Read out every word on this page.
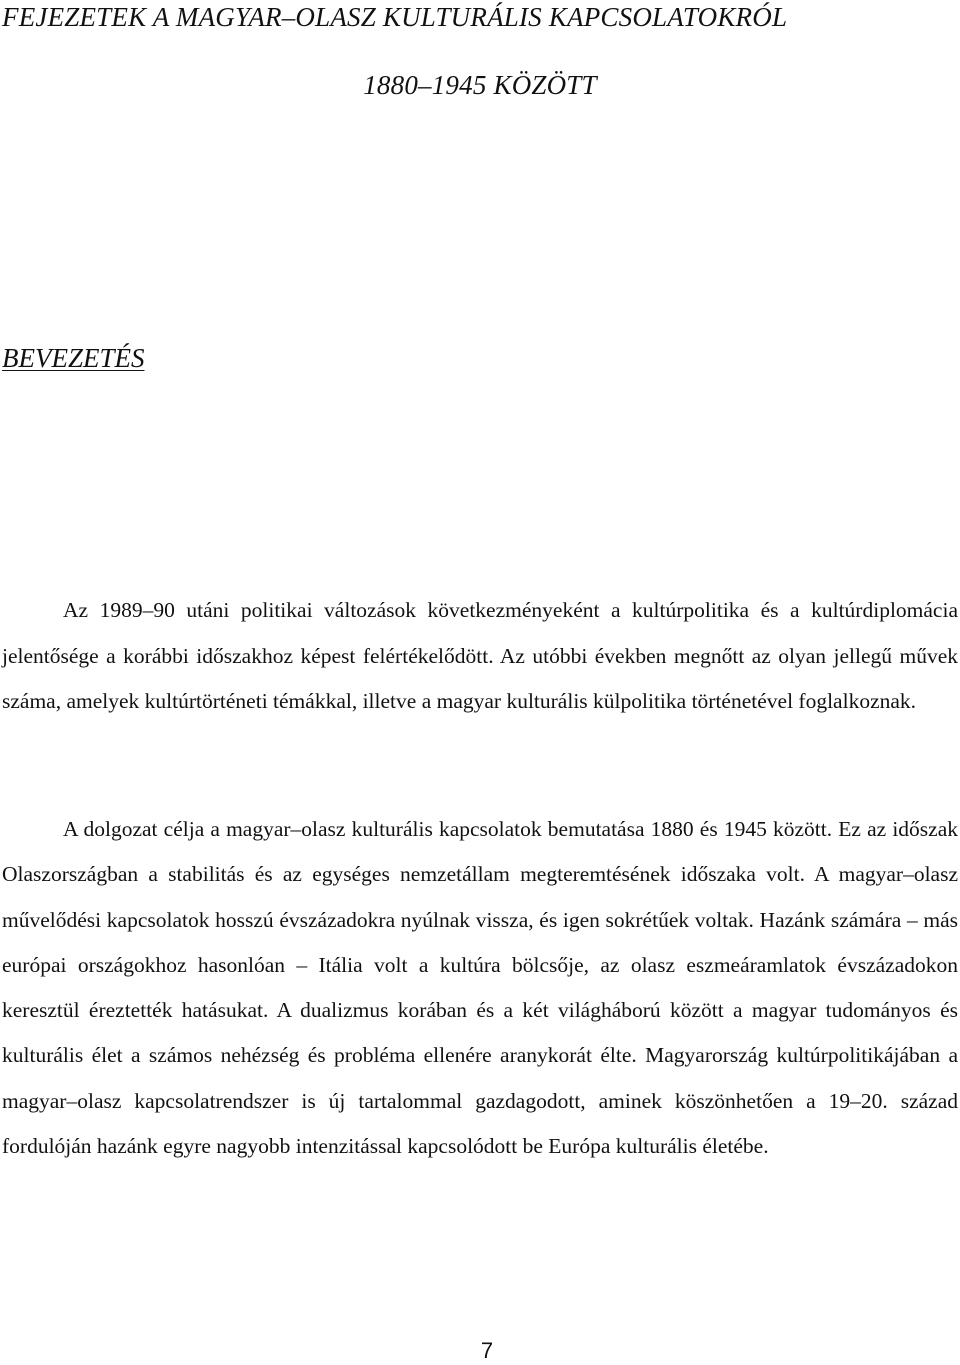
FEJEZETEK A MAGYAR–OLASZ KULTURÁLIS KAPCSOLATOKRÓL
1880–1945 KÖZÖTT
BEVEZETÉS

Az 1989–90 utáni politikai változások következményeként a kultúrpolitika és a kultúrdiplomácia jelentősége a korábbi időszakhoz képest felértékelődött. Az utóbbi években megnőtt az olyan jellegű művek száma, amelyek kultúrtörténeti témákkal, illetve a magyar kulturális külpolitika történetével foglalkoznak.

A dolgozat célja a magyar–olasz kulturális kapcsolatok bemutatása 1880 és 1945 között. Ez az időszak Olaszországban a stabilitás és az egységes nemzetállam megteremtésének időszaka volt. A magyar–olasz művelődési kapcsolatok hosszú évszázadokra nyúlnak vissza, és igen sokrétűek voltak. Hazánk számára – más európai országokhoz hasonlóan – Itália volt a kultúra bölcsője, az olasz eszmeáramlatok évszázadokon keresztül éreztették hatásukat. A dualizmus korában és a két világháború között a magyar tudományos és kulturális élet a számos nehézség és probléma ellenére aranykorát élte. Magyarország kultúrpolitikájában a magyar–olasz kapcsolatrendszer is új tartalommal gazdagodott, aminek köszönhetően a 19–20. század fordulóján hazánk egyre nagyobb intenzitással kapcsolódott be Európa kulturális életébe.

7
